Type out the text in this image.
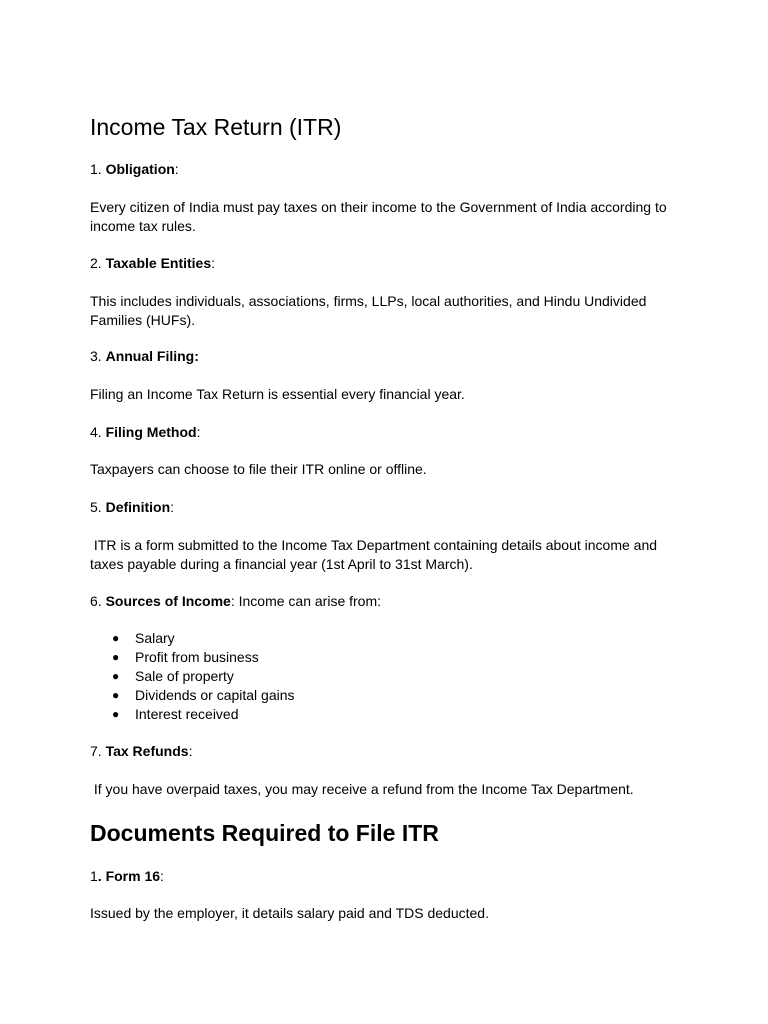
Income Tax Return (ITR)

1. Obligation:

Every citizen of India must pay taxes on their income to the Government of India according to income tax rules.

2. Taxable Entities:

This includes individuals, associations, firms, LLPs, local authorities, and Hindu Undivided Families (HUFs).

3. Annual Filing:

Filing an Income Tax Return is essential every financial year.

4. Filing Method:

Taxpayers can choose to file their ITR online or offline.

5. Definition:

ITR is a form submitted to the Income Tax Department containing details about income and taxes payable during a financial year (1st April to 31st March).

6. Sources of Income: Income can arise from:

● Salary
● Profit from business
● Sale of property
● Dividends or capital gains
● Interest received

7. Tax Refunds:

If you have overpaid taxes, you may receive a refund from the Income Tax Department.

Documents Required to File ITR

1. Form 16:

Issued by the employer, it details salary paid and TDS deducted.
